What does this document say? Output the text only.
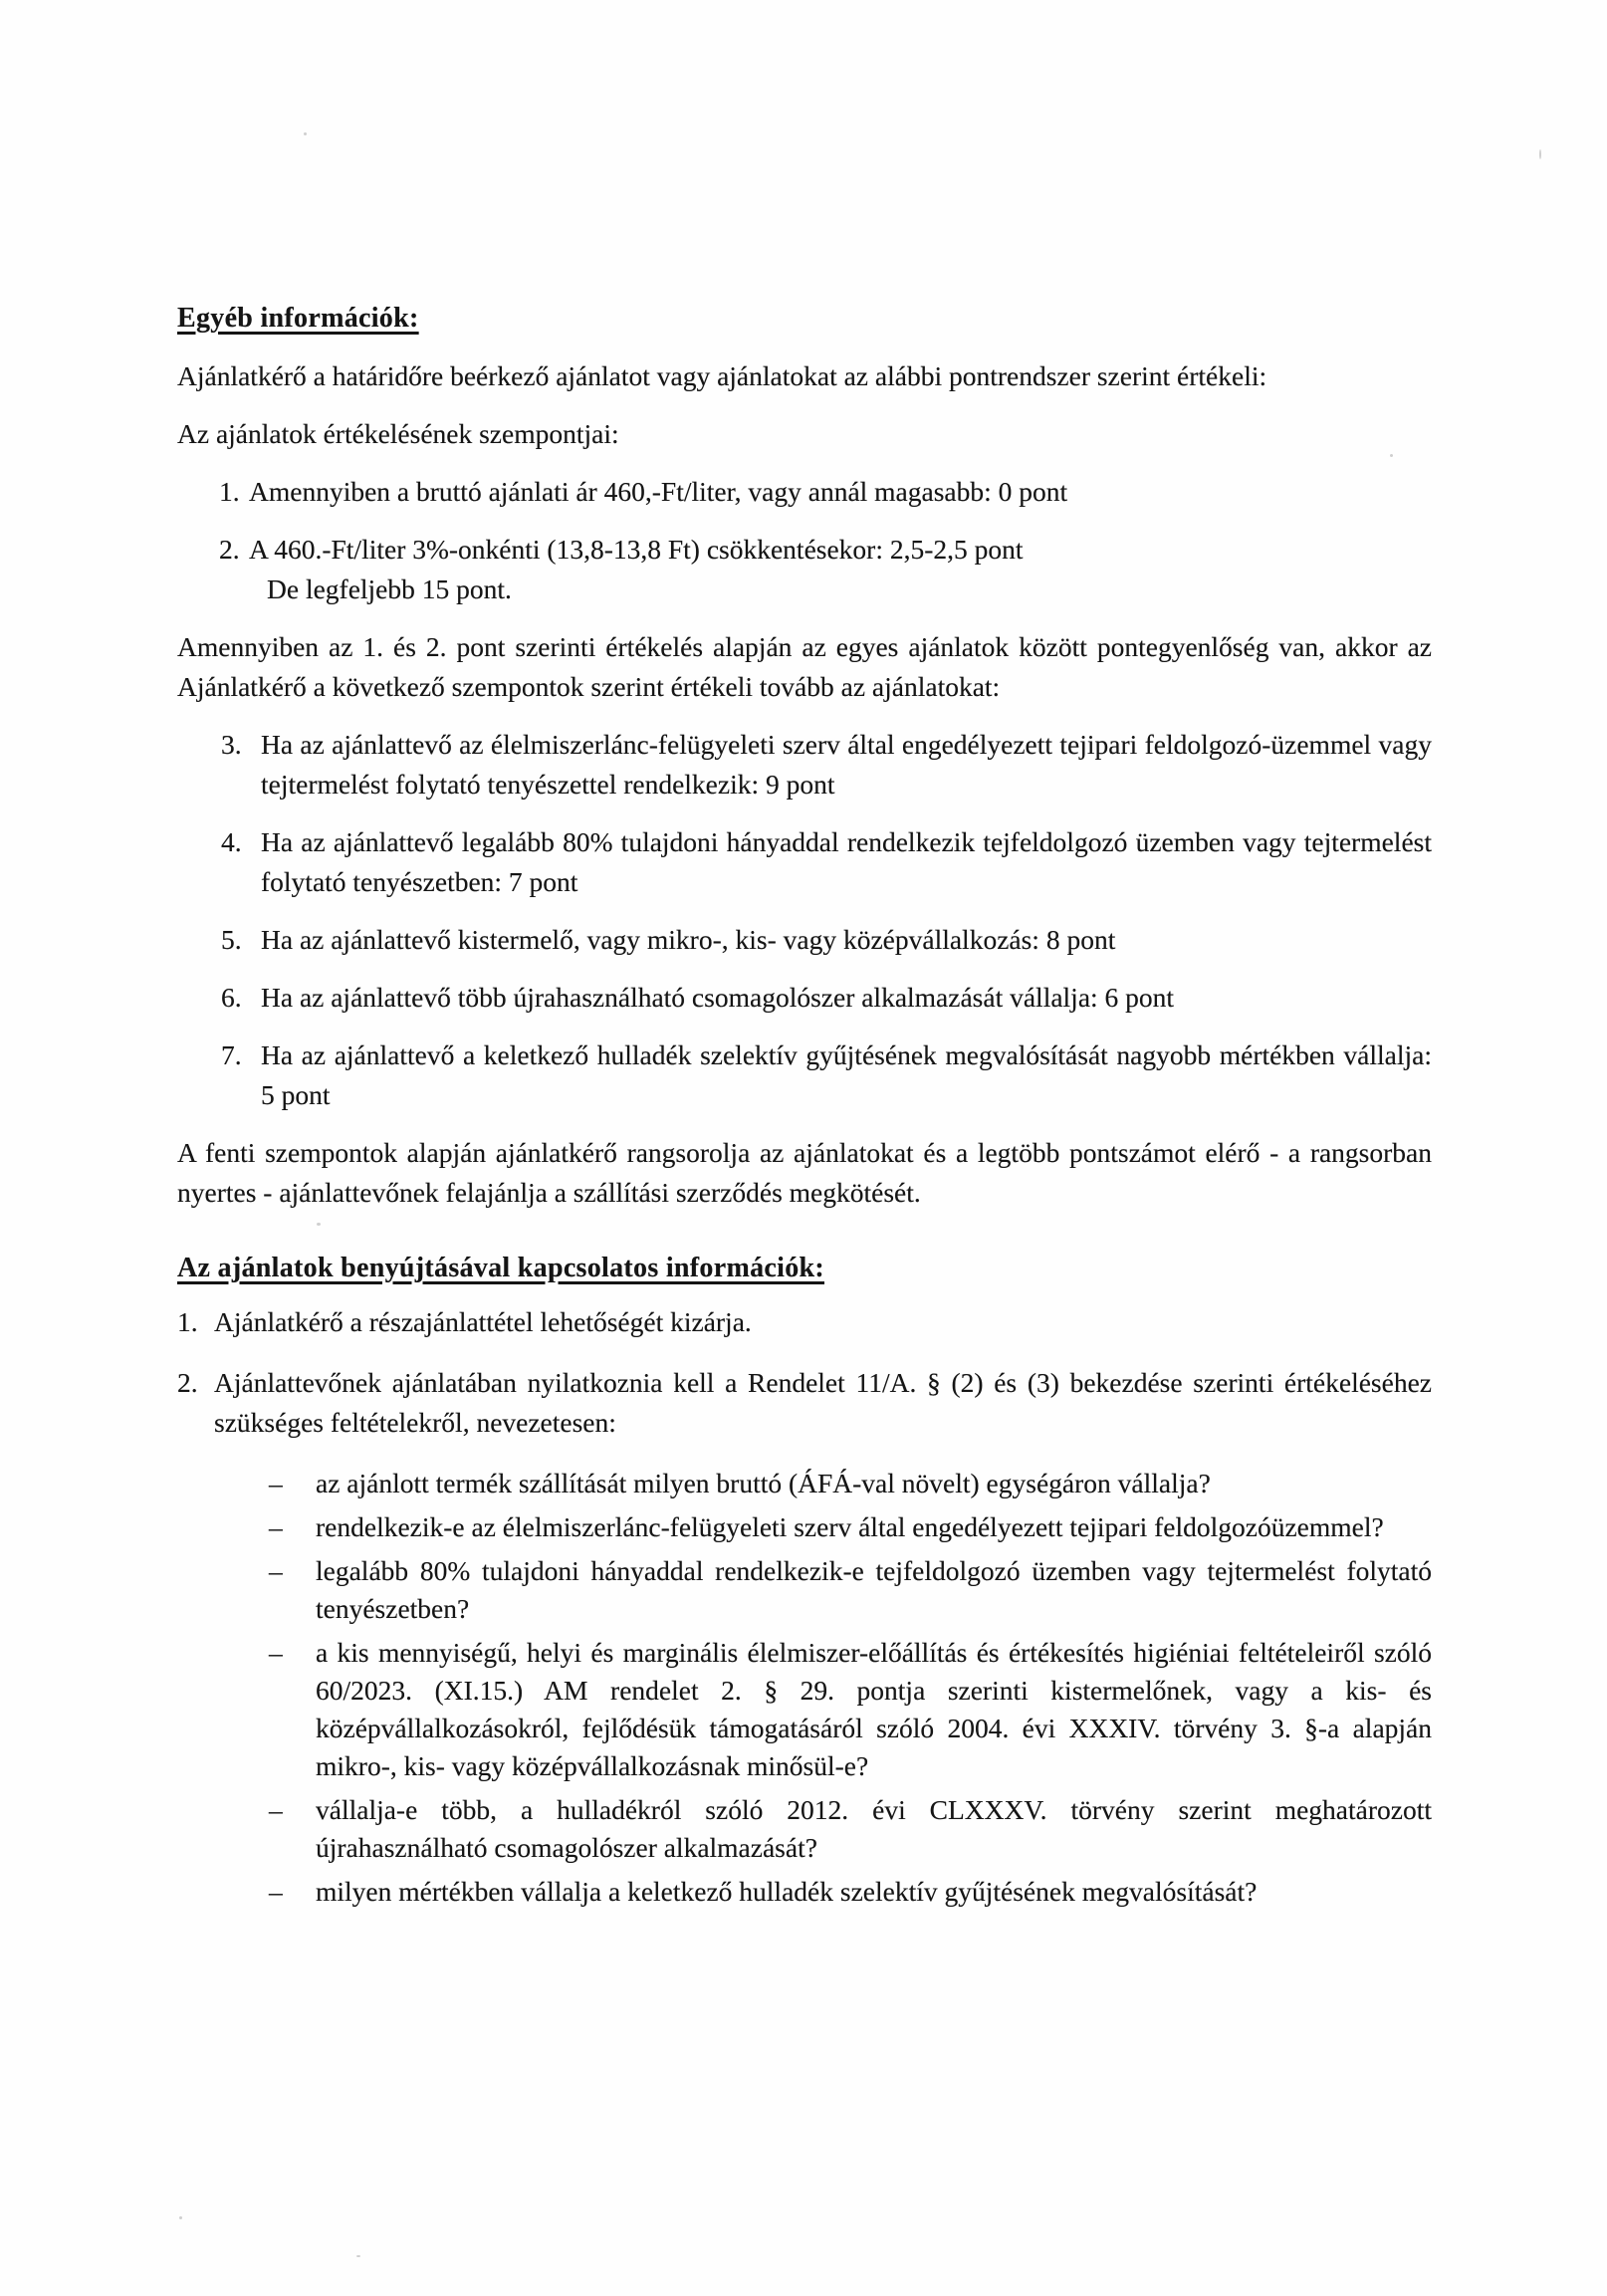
Egyéb információk:
Ajánlatkérő a határidőre beérkező ajánlatot vagy ajánlatokat az alábbi pontrendszer szerint értékeli:
Az ajánlatok értékelésének szempontjai:
1. Amennyiben a bruttó ajánlati ár 460,-Ft/liter, vagy annál magasabb: 0 pont
2. A 460.-Ft/liter 3%-onkénti (13,8-13,8 Ft) csökkentésekor: 2,5-2,5 pont
De legfeljebb 15 pont.
Amennyiben az 1. és 2. pont szerinti értékelés alapján az egyes ajánlatok között pontegyenlőség van, akkor az Ajánlatkérő a következő szempontok szerint értékeli tovább az ajánlatokat:
3. Ha az ajánlattevő az élelmiszerlánc-felügyeleti szerv által engedélyezett tejipari feldolgozó-üzemmel vagy tejtermelést folytató tenyészettel rendelkezik: 9 pont
4. Ha az ajánlattevő legalább 80% tulajdoni hányaddal rendelkezik tejfeldolgozó üzemben vagy tejtermelést folytató tenyészetben: 7 pont
5. Ha az ajánlattevő kistermelő, vagy mikro-, kis- vagy középvállalkozás: 8 pont
6. Ha az ajánlattevő több újrahasználható csomagolószer alkalmazását vállalja: 6 pont
7. Ha az ajánlattevő a keletkező hulladék szelektív gyűjtésének megvalósítását nagyobb mértékben vállalja: 5 pont
A fenti szempontok alapján ajánlatkérő rangsorolja az ajánlatokat és a legtöbb pontszámot elérő - a rangsorban nyertes - ajánlattevőnek felajánlja a szállítási szerződés megkötését.
Az ajánlatok benyújtásával kapcsolatos információk:
1. Ajánlatkérő a részajánlattétel lehetőségét kizárja.
2. Ajánlattevőnek ajánlatában nyilatkoznia kell a Rendelet 11/A. § (2) és (3) bekezdése szerinti értékeléséhez szükséges feltételekről, nevezetesen:
–	az ajánlott termék szállítását milyen bruttó (ÁFÁ-val növelt) egységáron vállalja?
–	rendelkezik-e az élelmiszerlánc-felügyeleti szerv által engedélyezett tejipari feldolgozóüzemmel?
–	legalább 80% tulajdoni hányaddal rendelkezik-e tejfeldolgozó üzemben vagy tejtermelést folytató tenyészetben?
–	a kis mennyiségű, helyi és marginális élelmiszer-előállítás és értékesítés higiéniai feltételeiről szóló 60/2023. (XI.15.) AM rendelet 2. § 29. pontja szerinti kistermelőnek, vagy a kis- és középvállalkozásokról, fejlődésük támogatásáról szóló 2004. évi XXXIV. törvény 3. §-a alapján mikro-, kis- vagy középvállalkozásnak minősül-e?
–	vállalja-e több, a hulladékról szóló 2012. évi CLXXXV. törvény szerint meghatározott újrahasználható csomagolószer alkalmazását?
–	milyen mértékben vállalja a keletkező hulladék szelektív gyűjtésének megvalósítását?
